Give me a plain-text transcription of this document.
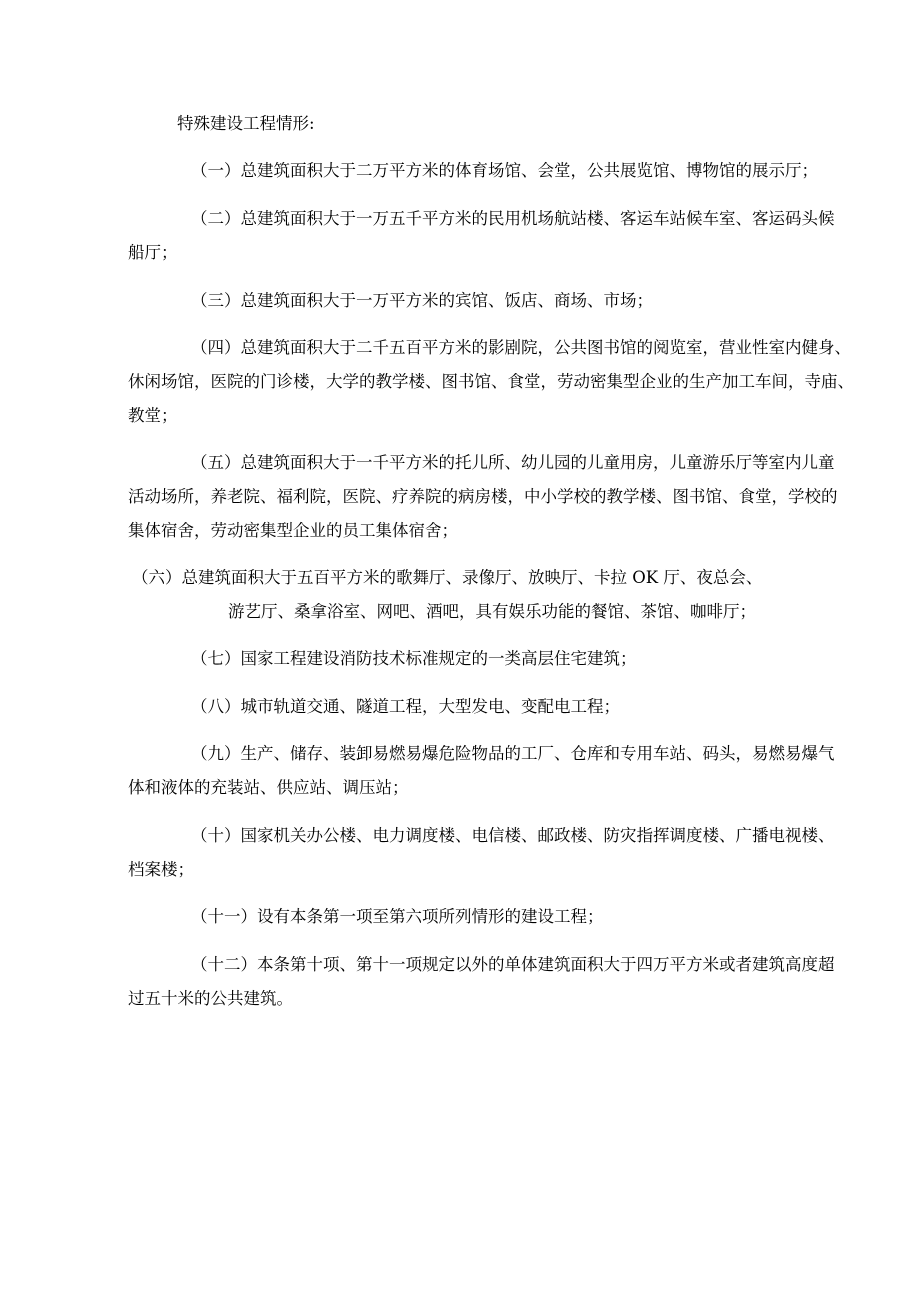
特殊建设工程情形:
（一）总建筑面积大于二万平方米的体育场馆、会堂，公共展览馆、博物馆的展示厅；
（二）总建筑面积大于一万五千平方米的民用机场航站楼、客运车站候车室、客运码头候
船厅；
（三）总建筑面积大于一万平方米的宾馆、饭店、商场、市场；
（四）总建筑面积大于二千五百平方米的影剧院，公共图书馆的阅览室，营业性室内健身、
休闲场馆，医院的门诊楼，大学的教学楼、图书馆、食堂，劳动密集型企业的生产加工车间，寺庙、
教堂；
（五）总建筑面积大于一千平方米的托儿所、幼儿园的儿童用房，儿童游乐厅等室内儿童
活动场所，养老院、福利院，医院、疗养院的病房楼，中小学校的教学楼、图书馆、食堂，学校的
集体宿舍，劳动密集型企业的员工集体宿舍；
（六）总建筑面积大于五百平方米的歌舞厅、录像厅、放映厅、卡拉 OK 厅、夜总会、
游艺厅、桑拿浴室、网吧、酒吧，具有娱乐功能的餐馆、茶馆、咖啡厅；
（七）国家工程建设消防技术标准规定的一类高层住宅建筑；
（八）城市轨道交通、隧道工程，大型发电、变配电工程；
（九）生产、储存、装卸易燃易爆危险物品的工厂、仓库和专用车站、码头，易燃易爆气
体和液体的充装站、供应站、调压站；
（十）国家机关办公楼、电力调度楼、电信楼、邮政楼、防灾指挥调度楼、广播电视楼、
档案楼；
（十一）设有本条第一项至第六项所列情形的建设工程；
（十二）本条第十项、第十一项规定以外的单体建筑面积大于四万平方米或者建筑高度超
过五十米的公共建筑。
